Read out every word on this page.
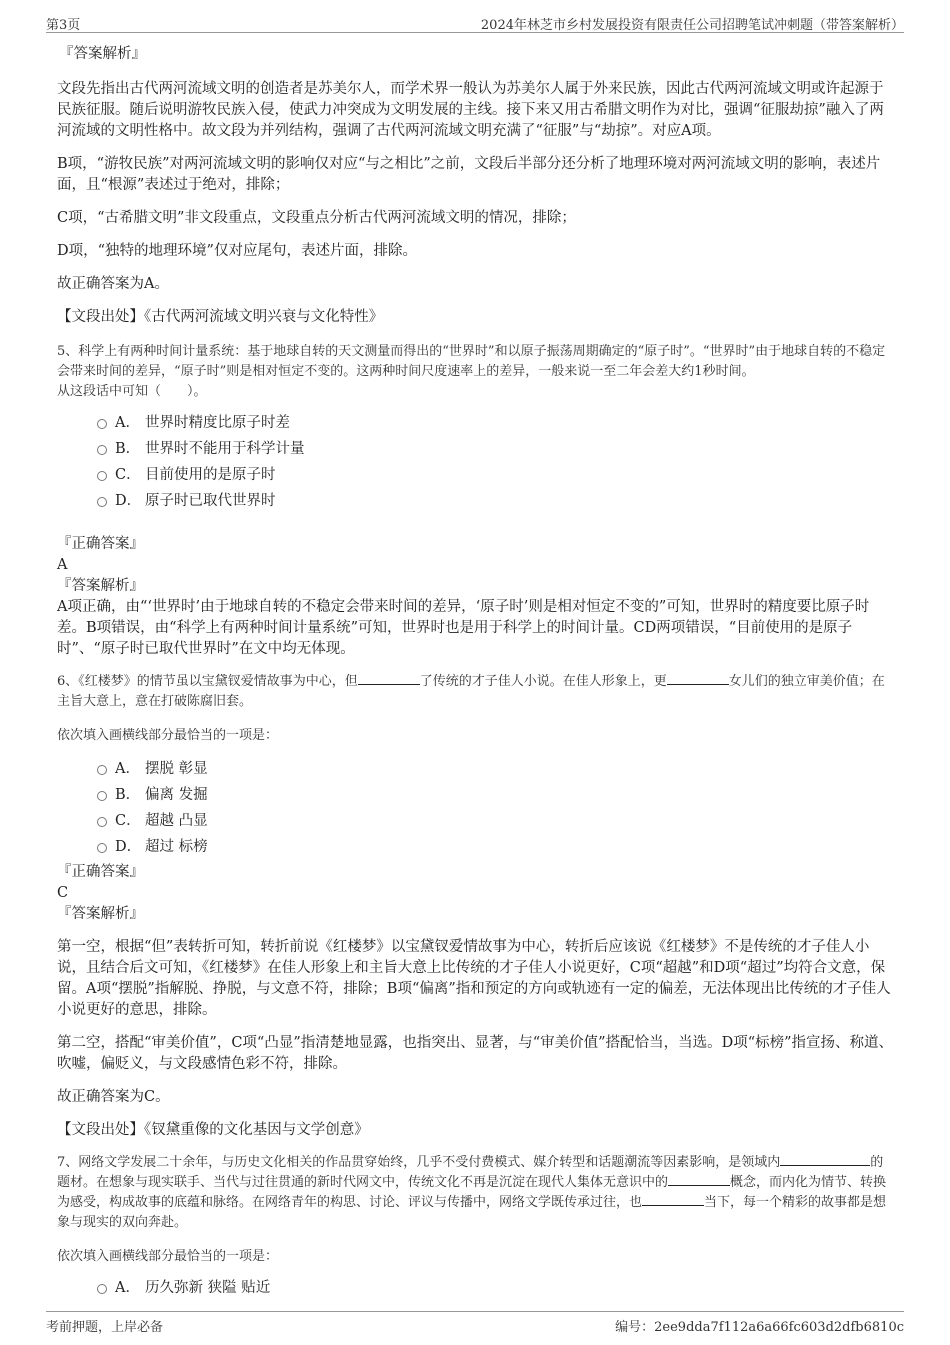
第3页	2024年林芝市乡村发展投资有限责任公司招聘笔试冲刺题（带答案解析）

『答案解析』

文段先指出古代两河流域文明的创造者是苏美尔人，而学术界一般认为苏美尔人属于外来民族，因此古代两河流域文明或许起源于民族征服。随后说明游牧民族入侵，使武力冲突成为文明发展的主线。接下来又用古希腊文明作为对比，强调“征服劫掠”融入了两河流域的文明性格中。故文段为并列结构，强调了古代两河流域文明充满了“征服”与“劫掠”。对应A项。

B项，“游牧民族”对两河流域文明的影响仅对应“与之相比”之前，文段后半部分还分析了地理环境对两河流域文明的影响，表述片面，且“根源”表述过于绝对，排除；

C项，“古希腊文明”非文段重点，文段重点分析古代两河流域文明的情况，排除；

D项，“独特的地理环境”仅对应尾句，表述片面，排除。

故正确答案为A。

【文段出处】《古代两河流域文明兴衰与文化特性》

5、科学上有两种时间计量系统：基于地球自转的天文测量而得出的“世界时”和以原子振荡周期确定的“原子时”。“世界时”由于地球自转的不稳定会带来时间的差异，“原子时”则是相对恒定不变的。这两种时间尺度速率上的差异，一般来说一至二年会差大约1秒时间。

从这段话中可知（　　）。

A． 世界时精度比原子时差
B． 世界时不能用于科学计量
C． 目前使用的是原子时
D． 原子时已取代世界时

『正确答案』

A

『答案解析』

A项正确，由“‘世界时’由于地球自转的不稳定会带来时间的差异，‘原子时’则是相对恒定不变的”可知，世界时的精度要比原子时差。B项错误，由“科学上有两种时间计量系统”可知，世界时也是用于科学上的时间计量。CD两项错误，“目前使用的是原子时”、“原子时已取代世界时”在文中均无体现。

6、《红楼梦》的情节虽以宝黛钗爱情故事为中心，但	了传统的才子佳人小说。在佳人形象上，更	女儿们的独立审美价值；在主旨大意上，意在打破陈腐旧套。

依次填入画横线部分最恰当的一项是：

A． 摆脱 彰显
B． 偏离 发掘
C． 超越 凸显
D． 超过 标榜

『正确答案』

C

『答案解析』

第一空，根据“但”表转折可知，转折前说《红楼梦》以宝黛钗爱情故事为中心，转折后应该说《红楼梦》不是传统的才子佳人小说，且结合后文可知，《红楼梦》在佳人形象上和主旨大意上比传统的才子佳人小说更好，C项“超越”和D项“超过”均符合文意，保留。A项“摆脱”指解脱、挣脱，与文意不符，排除；B项“偏离”指和预定的方向或轨迹有一定的偏差，无法体现出比传统的才子佳人小说更好的意思，排除。

第二空，搭配“审美价值”，C项“凸显”指清楚地显露，也指突出、显著，与“审美价值”搭配恰当，当选。D项“标榜”指宣扬、称道、吹嘘，偏贬义，与文段感情色彩不符，排除。

故正确答案为C。

【文段出处】《钗黛重像的文化基因与文学创意》

7、网络文学发展二十余年，与历史文化相关的作品贯穿始终，几乎不受付费模式、媒介转型和话题潮流等因素影响，是领域内	的题材。在想象与现实联手、当代与过往贯通的新时代网文中，传统文化不再是沉淀在现代人集体无意识中的	概念，而内化为情节、转换为感受，构成故事的底蕴和脉络。在网络青年的构思、讨论、评议与传播中，网络文学既传承过往，也	当下，每一个精彩的故事都是想象与现实的双向奔赴。

依次填入画横线部分最恰当的一项是：

A． 历久弥新 狭隘 贴近
考前押题，上岸必备	编号：2ee9dda7f112a6a66fc603d2dfb6810c
